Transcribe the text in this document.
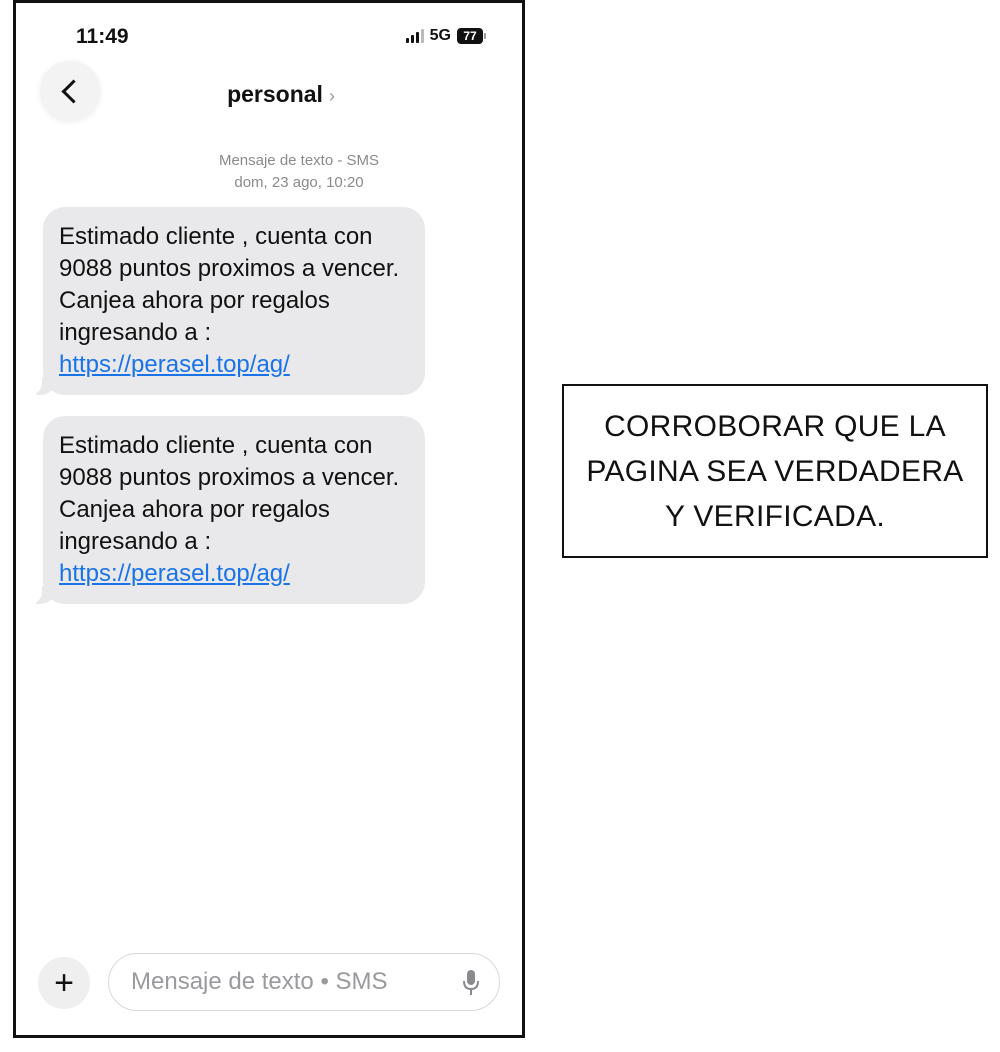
11:49	5G	77
personal ›
Mensaje de texto - SMS
dom, 23 ago, 10:20
Estimado cliente , cuenta con 9088 puntos proximos a vencer. Canjea ahora por regalos ingresando a :
https://perasel.top/ag/
Estimado cliente , cuenta con 9088 puntos proximos a vencer. Canjea ahora por regalos ingresando a :
https://perasel.top/ag/
+
Mensaje de texto • SMS
CORROBORAR QUE LA
PAGINA SEA VERDADERA
Y VERIFICADA.
